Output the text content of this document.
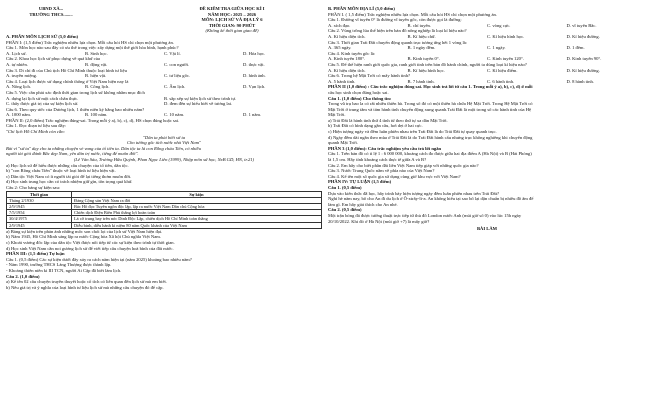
UBND XÃ...
TRƯỜNG THCS........
ĐỀ KIỂM TRA GIỮA HỌC KÌ I
NĂM HỌC: 2025 – 2026
MÔN: LỊCH SỬ VÀ ĐỊA LÝ 6
THỜI GIAN: 90 PHÚT
(Không kể thời gian giao đề)
A. PHÂN MÔN LỊCH SỬ (5,0 điểm)
PHẦN I: (1,5 điểm) Trắc nghiệm nhiều lựa chọn. Mỗi câu hỏi HS chỉ chọn một phương án.
Câu 1. Môn học nào sau đây có ưu thế trong việc xây dựng một thế giới hòa bình, hạnh phúc?
A. Lịch sử.	B. Sinh học.	C. Vật lí.	D. Hóa học.
Câu 2. Khoa học lịch sử phục dựng về quá khứ của
A. tự nhiên.	B. động vật.	C. con người.	D. thực vật.
Câu 3. Di chỉ đi của Chủ tịch Hồ Chí Minh thuộc loại hình tư liệu
A. truyền miệng.	B. hiện vật.	C. tư liệu gốc.	D. hình ảnh.
Câu 4. Loại lịch được sử dụng chính thống ở Việt Nam hiện nay là
A. Nông lịch.	B. Công lịch.	C. Âm lịch.	D. Vạn lịch.
Câu 5. Việc cần phải xác định thời gian trong lịch sử không nhằm mục đích
A. dựng lại lịch sử một cách chân thực.	B. sắp xếp sự kiện lịch sử theo trình tự.
C. thấy được giá trị của sự kiện lịch sử.	D. đem đến sự hiểu biết về tương lai.
Câu 6. Theo quy ước của Dương lịch, 1 thiên niên kỷ bằng bao nhiêu năm?
A. 1000 năm.	B. 100 năm.	C. 10 năm.	D. 1 năm.
PHẦN II: (2,0 điểm) Trắc nghiệm đúng-sai. Trong mỗi ý a), b), c), d), HS chọn đúng hoặc sai.
Câu 1. Đọc đoạn tư liệu sau đây:
"Chỉ lịch Hồ Chí Minh còn cần:
"Dân ta phải biết sử ta
Cho tường gốc tích nước nhà Việt Nam"
Bài vì "sử ta" dạy cho ta những chuyện vẻ vang của tổ tiên ta. Dân tộc ta là con Rồng cháu Tiên, có nhiều
người tài giỏi đánh Bắc dẹp Nam, yên dân trị nước, tiếng để muôn đời".
(Lê Văn Sáu, Trương Hữu Quýnh, Phan Ngọc Liên (1999), Nhập môn sử học, NxB GD, HN, tr.21)
a) Học lịch sử để hiểu được những câu chuyện của tổ tiên, dân tộc.
b) "con Rồng cháu Tiên" thuộc về loại hình tư liệu hiện vật.
c) Dân tộc Việt Nam có ít người tài giỏi để lại tiếng thơm muôn đời.
d) Học sinh trung học cần có trách nhiệm giữ gìn, tôn trọng quá khứ.
Câu 2: Cho bảng sự kiện sau:
Thời gian	Sự kiện
Tháng 2/1930	Đảng Cộng sản Việt Nam ra đời
2/9/1945	Bác Hồ đọc Tuyên ngôn độc lập, lập ra nước Việt Nam Dân chủ Cộng hòa
7/5/1954	Chiến dịch Điện Biên Phủ thắng lợi hoàn toàn
30/4/1975	Lá cờ trung bay trên nóc Dinh Độc Lập, chiến dịch Hồ Chí Minh toàn thắng
2/9/1945	Diễu binh, diễu hành kỉ niệm 80 năm Quốc khánh của Việt Nam
a) Bảng sự kiện trên phản ánh những mốc son chói lọi của lịch sử Việt Nam hiện đại.
b) Năm 1945, Hồ Chí Minh sáng lập ra nước Cộng hòa Xã hội Chủ nghĩa Việt Nam.
c) Khoát vương đốc lập của dân tộc Việt được nối tiếp từ các sự kiện theo trình tự thời gian.
d) Học sinh Việt Nam cần noi gương lịch sử để viết tiếp câu chuyện hoà bình của đất nước.
PHẦN III: (1,5 điểm) Tự luận
Câu 1. (0,5 điểm) Các sự kiện dưới đây xảy ra cách năm hiện tại (năm 2025) khoảng bao nhiêu năm?
- Năm 1990, trường THCS Láng Thượng được thành lập.
- Khoảng thiên niên kỉ III TCN, người Ai Cập đã biết làm lịch.
Câu 2. (1,0 điểm)
a) Kể tên 02 câu chuyện truyền thuyết hoặc cổ tích có liên quan đến lịch sử mà em biết.
b) Nêu giá trị và ý nghĩa của loại hình tư liệu lịch sử mà những câu chuyện đó để cập.
B. PHÂN MÔN ĐỊA LÍ (5,0 điểm)
PHẦN I. ( 1,5 điểm) Trắc nghiệm nhiều lựa chọn. Mỗi câu hỏi HS chỉ chọn một phương án.
Câu 1. Đường vĩ tuyến 0° là đường vĩ tuyến gốc, còn được gọi là đường:
A. xích đạo.	B. chí tuyến.	C. vòng cực.	D. vĩ tuyến Bắc.
Câu 2. Vùng trồng lúa thể hiện trên bản đồ nông nghiệp là loại kí hiệu nào?
A. Kí hiệu diện tích.	B. Kí hiệu chữ.	C. Kí hiệu hình học.	D. Kí hiệu đường.
Câu 3. Thời gian Trái Đất chuyển động quanh trục tương ứng hết 1 vòng là:
A. 365 ngày.	B. 1 ngày đêm.	C. 1 ngày.	D. 1 đêm.
Câu 4. Kinh tuyến gốc là:
A. Kinh tuyến 180°.	B. Kinh tuyến 0°.	C. Kinh tuyến 120°.	D. Kinh tuyến 90°.
Câu 5. Để thể hiện ranh giới quốc gia, ranh giới tỉnh trên bản đồ hành chính, người ta dùng loại kí hiệu nào?
A. Kí hiệu diện tích.	B. Kí hiệu hình học.	C. Kí hiệu điểm.	D. Kí hiệu đường.
Câu 6. Trong hệ Mặt Trời có mấy hành tinh?
A. 5 hành tinh.	B. 7 hành tinh.	C. 6 hành tinh.	D. 8 hành tinh.
PHẦN II (1,0 điểm) : Câu trắc nghiệm đúng sai. Học sinh trả lời từ câu 1. Trong mỗi ý a), b), c), d) ở mỗi
câu học sinh chọn đúng hoặc sai.
Câu 1. (1,0 điểm) Cho thông tin:
Trong vũ trụ bao la có rất nhiều thiên hà. Trong số đó có một thiên hà chứa Hệ Mặt Trời. Trong Hệ Mặt Trời có
Mặt Trời ở trung tâm và tám hành tinh chuyển động xung quanh.Trái Đất là một trong số các hành tinh của Hệ
Mặt Trời.
a) Trái Đất là hành tinh thứ 4 tính từ theo thứ tự xa dần Mặt Trời.
b) Trái Đất có hình dạng gần cầu, hơi dẹt ở hai cực.
c) Hiện tượng ngày và đêm luân phiên nhau trên Trái Đất là do Trái Đất tự quay quanh trục.
d) Ngày đêm dài ngắn theo mùa ở Trái Đất là do Trái Đất hành cẩu nhưng trục không nghiêng khi chuyển động
quanh Mặt Trời.
PHẦN 3 (1,0 điểm): Câu trắc nghiệm yêu cầu trả lời ngắn
Câu 1. Trên bản đồ có tỉ lệ 1 : 6 000 000, khoảng cách đo được giữa hai địa điểm A (Hà Nội) và B (Hải Phòng)
là 1,5 cm. Hãy tính khoảng cách thực tế giữa A và B?
Câu 2. Em hãy cho biết phần đất liền Việt Nam tiếp giáp với những quốc gia nào?
Câu 3. Nước Trung Quốc nằm về phía nào của Việt Nam?
Câu 4. Kể tên một số quốc gia sử dụng cùng giờ khu vực với Việt Nam?
PHẦN IV: TỰ LUẬN (1,5 điểm)
Câu 1. (0,5 điểm)
Dựa vào kiến thức đã học, hãy trình bày hiện tượng ngày đêm luân phiên nhau trên Trái Đất?
Nghỉ hè năm nay, bố cho An đi du lịch ở Ô-xtrây-li-a. An không hiểu tại sao bố lại dặn chuẩn bị nhiều đồ ấm để
làm gì. Em hãy giải thích cho An nhé.
Câu 2. (0,5 điểm)
Một trận bóng đá được tường thuật trực tiếp từ thủ đô London nước Anh (múi giờ số 0) vào lúc 15h ngày
20/10/2022. Khi đó ở Hà Nội (múi giờ +7) là mấy giờ?
BÀI LÀM
